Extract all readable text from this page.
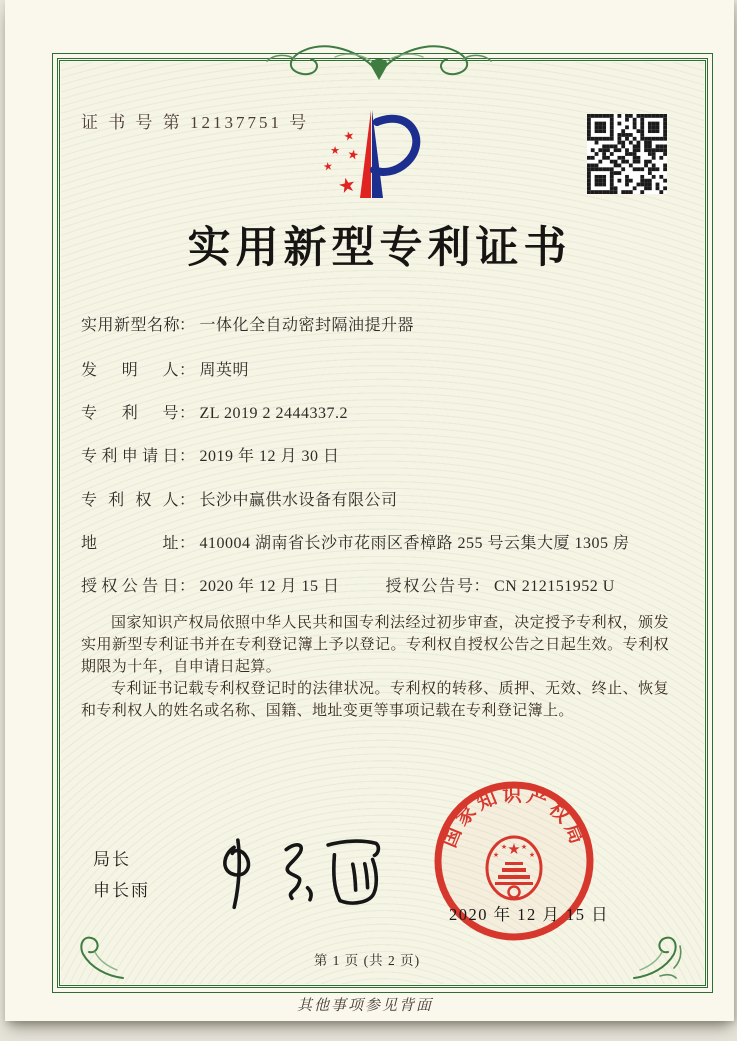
证 书 号 第 12137751 号
★
★ ★
★
★
实用新型专利证书
实用新型名称： 一体化全自动密封隔油提升器
发明人： 周英明
专利号： ZL 2019 2 2444337.2
专利申请日： 2019 年 12 月 30 日
专利权人： 长沙中赢供水设备有限公司
地址： 410004 湖南省长沙市花雨区香樟路 255 号云集大厦 1305 房
授权公告日： 2020 年 12 月 15 日	授权公告号： CN 212151952 U

国家知识产权局依照中华人民共和国专利法经过初步审查，决定授予专利权，颁发实用新型专利证书并在专利登记簿上予以登记。专利权自授权公告之日起生效。专利权期限为十年，自申请日起算。

专利证书记载专利权登记时的法律状况。专利权的转移、质押、无效、终止、恢复和专利权人的姓名或名称、国籍、地址变更等事项记载在专利登记簿上。

局长
申长雨
国家知识产权局
★
★
★ ★
★
2020 年 12 月 15 日
第 1 页 (共 2 页)
其他事项参见背面
